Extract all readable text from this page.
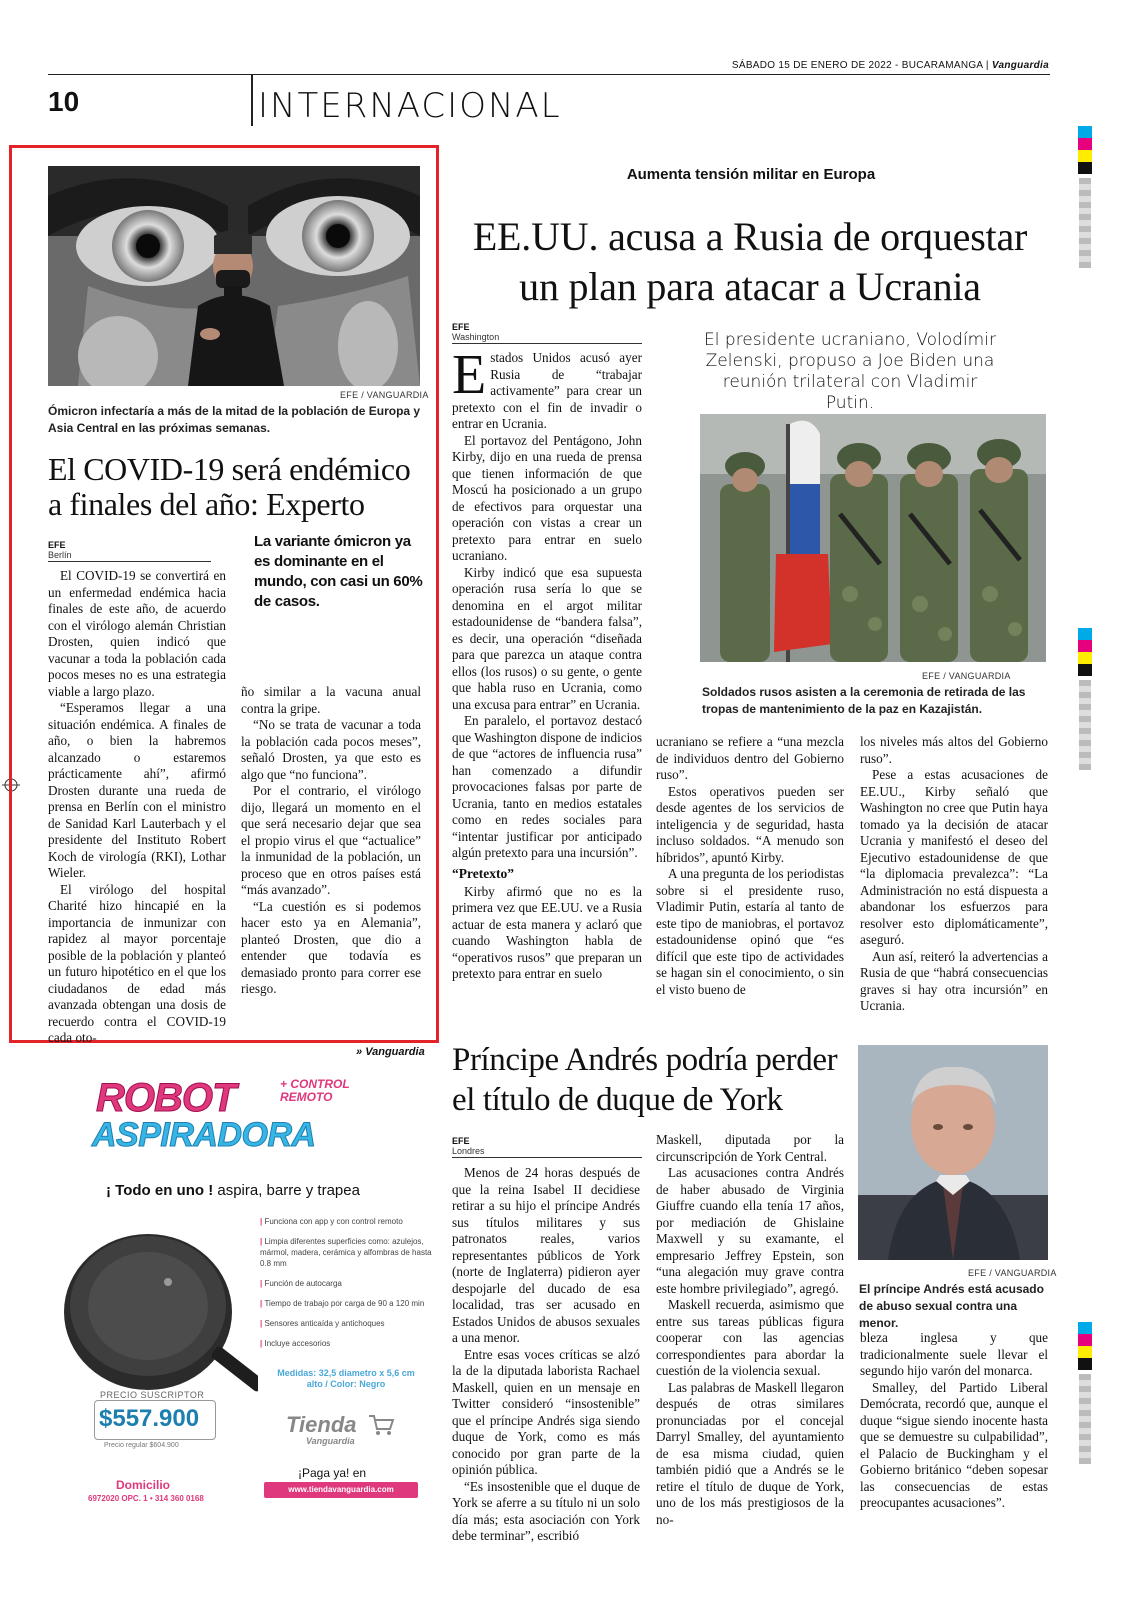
SÁBADO 15 DE ENERO DE 2022 - BUCARAMANGA | Vanguardia
10	INTERNACIONAL
EFE / VANGUARDIA
Ómicron infectaría a más de la mitad de la población de Europa y Asia Central en las próximas semanas.
El COVID-19 será endémico a finales del año: Experto
EFE
Berlín
La variante ómicron ya es dominante en el mundo, con casi un 60% de casos.

El COVID-19 se convertirá en un enfermedad endémica hacia finales de este año, de acuerdo con el virólogo alemán Christian Drosten, quien indicó que vacunar a toda la población cada pocos meses no es una estrategia viable a largo plazo.

“Esperamos llegar a una situación endémica. A finales de año, o bien la habremos alcanzado o estaremos prácticamente ahí”, afirmó Drosten durante una rueda de prensa en Berlín con el ministro de Sanidad Karl Lauterbach y el presidente del Instituto Robert Koch de virología (RKI), Lothar Wieler.

El virólogo del hospital Charité hizo hincapié en la importancia de inmunizar con rapidez al mayor porcentaje posible de la población y planteó un futuro hipotético en el que los ciudadanos de edad más avanzada obtengan una dosis de recuerdo contra el COVID-19 cada oto-

ño similar a la vacuna anual contra la gripe.

“No se trata de vacunar a toda la población cada pocos meses”, señaló Drosten, ya que esto es algo que “no funciona”.

Por el contrario, el virólogo dijo, llegará un momento en el que será necesario dejar que sea el propio virus el que “actualice” la inmunidad de la población, un proceso que en otros países está “más avanzado”.

“La cuestión es si podemos hacer esto ya en Alemania”, planteó Drosten, que dio a entender que todavía es demasiado pronto para correr ese riesgo.

Aumenta tensión militar en Europa
EE.UU. acusa a Rusia de orquestar un plan para atacar a Ucrania
EFE
Washington	El presidente ucraniano, Volodímir Zelenski, propuso a Joe Biden una reunión trilateral con Vladimir Putin.
EFE / VANGUARDIA
Soldados rusos asisten a la ceremonia de retirada de las tropas de mantenimiento de la paz en Kazajistán.

Estados Unidos acusó ayer Rusia de “trabajar activamente” para crear un pretexto con el fin de invadir o entrar en Ucrania.

El portavoz del Pentágono, John Kirby, dijo en una rueda de prensa que tienen información de que Moscú ha posicionado a un grupo de efectivos para orquestar una operación con vistas a crear un pretexto para entrar en suelo ucraniano.

Kirby indicó que esa supuesta operación rusa sería lo que se denomina en el argot militar estadounidense de “bandera falsa”, es decir, una operación “diseñada para que parezca un ataque contra ellos (los rusos) o su gente, o gente que habla ruso en Ucrania, como una excusa para entrar” en Ucrania.

En paralelo, el portavoz destacó que Washington dispone de indicios de que “actores de influencia rusa” han comenzado a difundir provocaciones falsas por parte de Ucrania, tanto en medios estatales como en redes sociales para “intentar justificar por anticipado algún pretexto para una incursión”.

“Pretexto”

Kirby afirmó que no es la primera vez que EE.UU. ve a Rusia actuar de esta manera y aclaró que cuando Washington habla de “operativos rusos” que preparan un pretexto para entrar en suelo

ucraniano se refiere a “una mezcla de individuos dentro del Gobierno ruso”.

Estos operativos pueden ser desde agentes de los servicios de inteligencia y de seguridad, hasta incluso soldados. “A menudo son híbridos”, apuntó Kirby.

A una pregunta de los periodistas sobre si el presidente ruso, Vladimir Putin, estaría al tanto de este tipo de maniobras, el portavoz estadounidense opinó que “es difícil que este tipo de actividades se hagan sin el conocimiento, o sin el visto bueno de

los niveles más altos del Gobierno ruso”.

Pese a estas acusaciones de EE.UU., Kirby señaló que Washington no cree que Putin haya tomado ya la decisión de atacar Ucrania y manifestó el deseo del Ejecutivo estadounidense de que “la diplomacia prevalezca”: “La Administración no está dispuesta a abandonar los esfuerzos para resolver esto diplomáticamente”, aseguró.

Aun así, reiteró la advertencias a Rusia de que “habrá consecuencias graves si hay otra incursión” en Ucrania.

Príncipe Andrés podría perder el título de duque de York
EFE
Londres
EFE / VANGUARDIA
El príncipe Andrés está acusado de abuso sexual contra una menor.

Menos de 24 horas después de que la reina Isabel II decidiese retirar a su hijo el príncipe Andrés sus títulos militares y sus patronatos reales, varios representantes públicos de York (norte de Inglaterra) pidieron ayer despojarle del ducado de esa localidad, tras ser acusado en Estados Unidos de abusos sexuales a una menor.

Entre esas voces críticas se alzó la de la diputada laborista Rachael Maskell, quien en un mensaje en Twitter consideró “insostenible” que el príncipe Andrés siga siendo duque de York, como es más conocido por gran parte de la opinión pública.

“Es insostenible que el duque de York se aferre a su título ni un solo día más; esta asociación con York debe terminar”, escribió

Maskell, diputada por la circunscripción de York Central.

Las acusaciones contra Andrés de haber abusado de Virginia Giuffre cuando ella tenía 17 años, por mediación de Ghislaine Maxwell y su examante, el empresario Jeffrey Epstein, son “una alegación muy grave contra este hombre privilegiado”, agregó.

Maskell recuerda, asimismo que entre sus tareas públicas figura cooperar con las agencias correspondientes para abordar la cuestión de la violencia sexual.

Las palabras de Maskell llegaron después de otras similares pronunciadas por el concejal Darryl Smalley, del ayuntamiento de esa misma ciudad, quien también pidió que a Andrés se le retire el título de duque de York, uno de los más prestigiosos de la no-

bleza inglesa y que tradicionalmente suele llevar el segundo hijo varón del monarca.

Smalley, del Partido Liberal Demócrata, recordó que, aunque el duque “sigue siendo inocente hasta que se demuestre su culpabilidad”, el Palacio de Buckingham y el Gobierno británico “deben sopesar las consecuencias de estas preocupantes acusaciones”.

» Vanguardia
ROBOT	+ CONTROL REMOTO
ASPIRADORA
¡ Todo en uno ! aspira, barre y trapea
| Funciona con app y con control remoto
| Limpia diferentes superficies como: azulejos, mármol, madera, cerámica y alfombras de hasta 0.8 mm
| Función de autocarga
| Tiempo de trabajo por carga de 90 a 120 min
| Sensores anticaída y antichoques
| Incluye accesorios
Medidas: 32,5 diametro x 5,6 cm alto / Color: Negro
PRECIO SUSCRIPTOR
$557.900
Precio regular $604.900
Tienda
Vanguardia
¡Paga ya! en
www.tiendavanguardia.com
Domicilio
6972020 OPC. 1 • 314 360 0168
